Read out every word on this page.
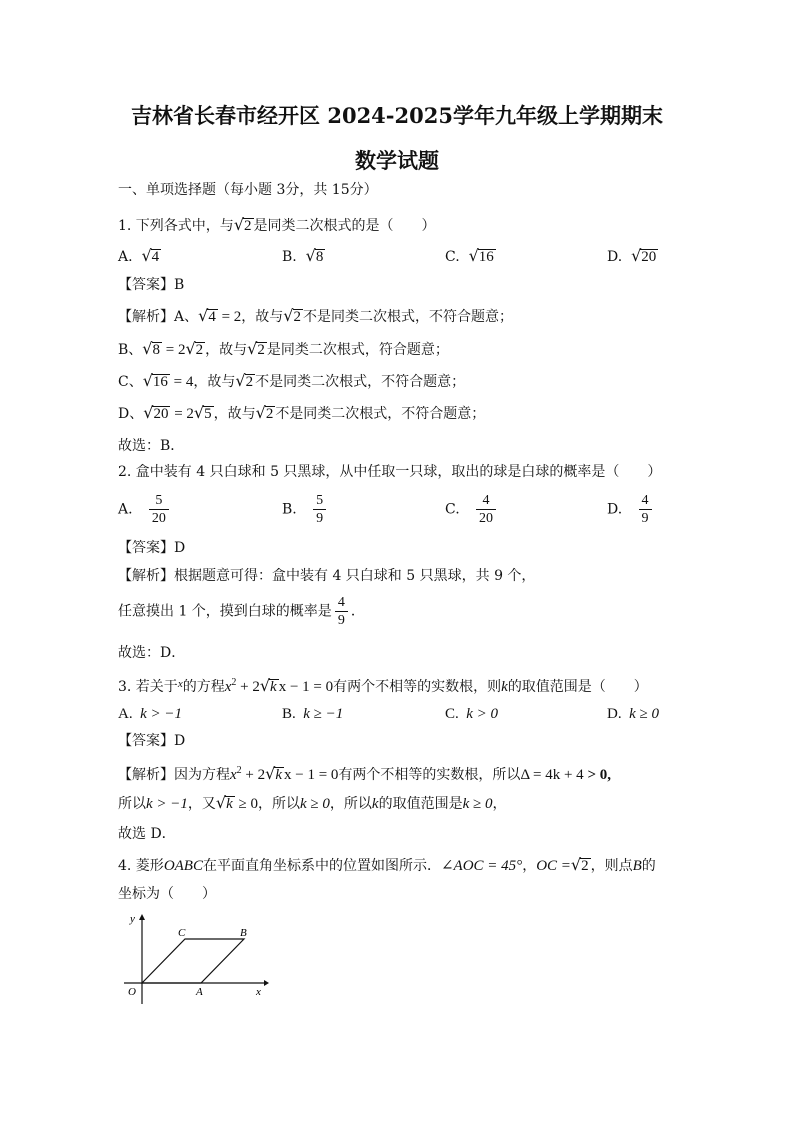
吉林省长春市经开区 2024-2025学年九年级上学期期末
数学试题
一、单项选择题（每小题 3分，共 15分）
1. 下列各式中，与√2 是同类二次根式的是（　　）
A. √4	B. √8	C. √16	D. √20
【答案】B
【解析】A、√4 = 2，故与√2 不是同类二次根式，不符合题意；
B、√8 = 2√2 ，故与√2 是同类二次根式，符合题意；
C、√16 = 4，故与√2 不是同类二次根式，不符合题意；
D、√20 = 2√5 ，故与√2 不是同类二次根式，不符合题意；
故选：B．
2. 盒中装有 4 只白球和 5 只黑球，从中任取一只球，取出的球是白球的概率是（　　）
A. $\frac{5}{20}$	B. $\frac{5}{9}$	C. $\frac{4}{20}$	D. $\frac{4}{9}$
【答案】D
【解析】根据题意可得：盒中装有 4 只白球和 5 只黑球，共 9 个，
任意摸出 1 个，摸到白球的概率是 $\frac{4}{9}$ ．
故选：D．
3. 若关于$^x$的方程$x^2 + 2√k$ x − 1 = 0有两个不相等的实数根，则k的取值范围是（　　）
A. k > −1	B. k ≥ −1	C. k > 0	D. k ≥ 0
【答案】D
【解析】因为方程$x^2 + 2√k$ x − 1 = 0有两个不相等的实数根，所以Δ = 4k + 4 > 0,
所以k > −1，又√k ≥ 0，所以k ≥ 0，所以k的取值范围是k ≥ 0，
故选 D．
4. 菱形OABC在平面直角坐标系中的位置如图所示．∠AOC = 45°，OC =√2 ，则点B的
坐标为（　　）
y
x
O	A
B
C
